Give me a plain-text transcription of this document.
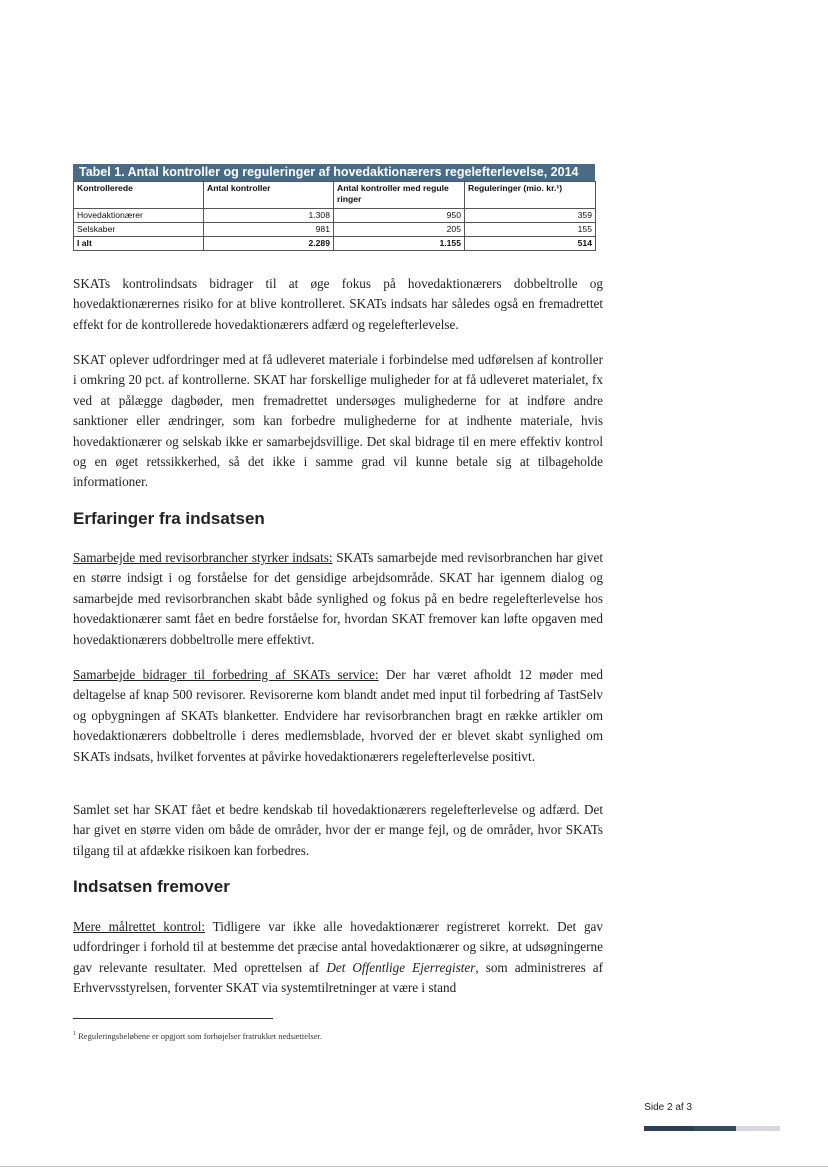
Tabel 1. Antal kontroller og reguleringer af hovedaktionærers regelefterlevelse, 2014
Kontrollerede	Antal kontroller	Antal kontroller med regule ringer	Reguleringer (mio. kr.¹)
Hovedaktionærer	1.308	950	359
Selskaber	981	205	155
I alt	2.289	1.155	514

SKATs kontrolindsats bidrager til at øge fokus på hovedaktionærers dobbeltrolle og hovedaktionærernes risiko for at blive kontrolleret. SKATs indsats har således også en fremadrettet effekt for de kontrollerede hovedaktionærers adfærd og regelefterlevelse.

SKAT oplever udfordringer med at få udleveret materiale i forbindelse med udførelsen af kontroller i omkring 20 pct. af kontrollerne. SKAT har forskellige muligheder for at få udleveret materialet, fx ved at pålægge dagbøder, men fremadrettet undersøges mulighederne for at indføre andre sanktioner eller ændringer, som kan forbedre mulighederne for at indhente materiale, hvis hovedaktionærer og selskab ikke er samarbejdsvillige. Det skal bidrage til en mere effektiv kontrol og en øget retssikkerhed, så det ikke i samme grad vil kunne betale sig at tilbageholde informationer.

Erfaringer fra indsatsen

Samarbejde med revisorbrancher styrker indsats: SKATs samarbejde med revisorbranchen har givet en større indsigt i og forståelse for det gensidige arbejdsområde. SKAT har igennem dialog og samarbejde med revisorbranchen skabt både synlighed og fokus på en bedre regelefterlevelse hos hovedaktionærer samt fået en bedre forståelse for, hvordan SKAT fremover kan løfte opgaven med hovedaktionærers dobbeltrolle mere effektivt.

Samarbejde bidrager til forbedring af SKATs service: Der har været afholdt 12 møder med deltagelse af knap 500 revisorer. Revisorerne kom blandt andet med input til forbedring af TastSelv og opbygningen af SKATs blanketter. Endvidere har revisorbranchen bragt en række artikler om hovedaktionærers dobbeltrolle i deres medlemsblade, hvorved der er blevet skabt synlighed om SKATs indsats, hvilket forventes at påvirke hovedaktionærers regelefterlevelse positivt.

Samlet set har SKAT fået et bedre kendskab til hovedaktionærers regelefterlevelse og adfærd. Det har givet en større viden om både de områder, hvor der er mange fejl, og de områder, hvor SKATs tilgang til at afdække risikoen kan forbedres.

Indsatsen fremover

Mere målrettet kontrol: Tidligere var ikke alle hovedaktionærer registreret korrekt. Det gav udfordringer i forhold til at bestemme det præcise antal hovedaktionærer og sikre, at udsøgningerne gav relevante resultater. Med oprettelsen af Det Offentlige Ejerregister, som administreres af Erhvervsstyrelsen, forventer SKAT via systemtilretninger at være i stand

$^1$ Reguleringsbeløbene er opgjort som forhøjelser fratrukket nedsættelser.

Side 2 af 3
